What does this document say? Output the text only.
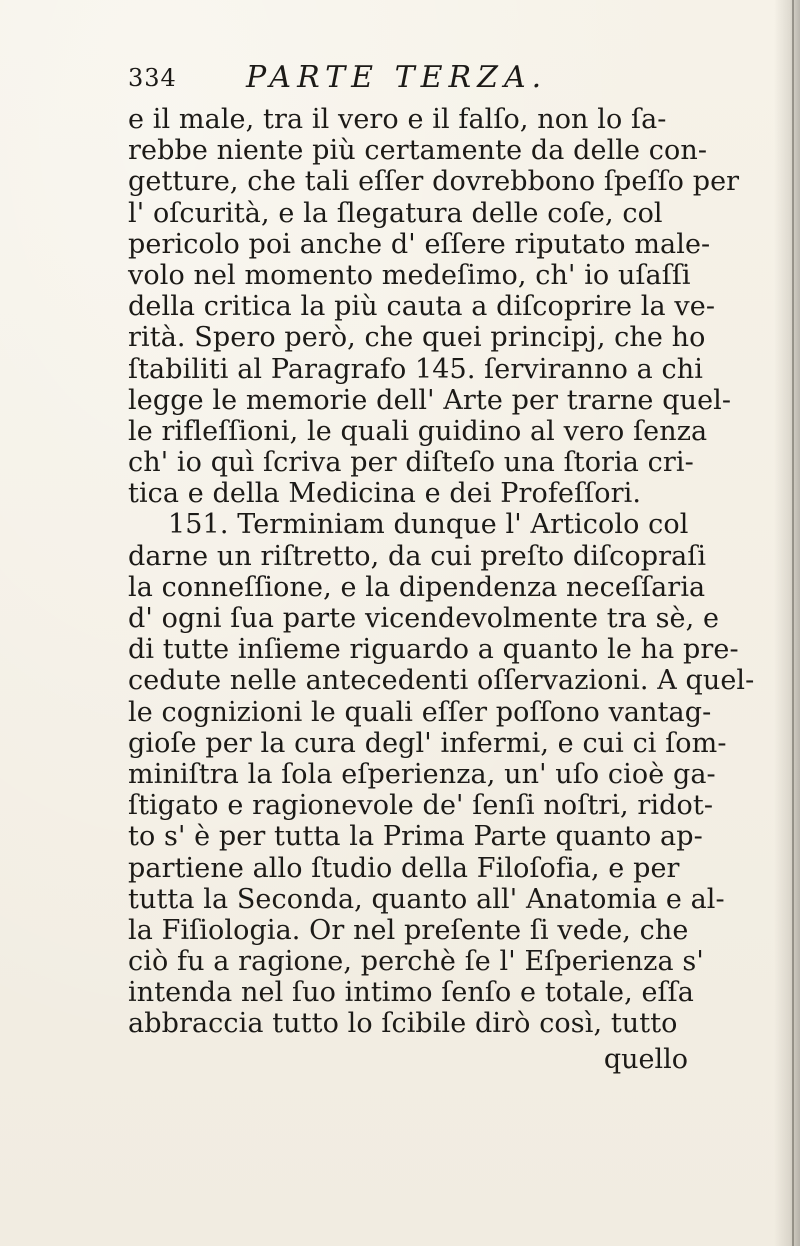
334 PARTE TERZA.
e il male, tra il vero e il falſo, non lo ſa-
rebbe niente più certamente da delle con-
getture, che tali eſſer dovrebbono ſpeſſo per
l' oſcurità, e la ſlegatura delle coſe, col
pericolo poi anche d' eſſere riputato male-
volo nel momento medeſimo, ch' io uſaſſi
della critica la più cauta a diſcoprire la ve-
rità. Spero però, che quei principj, che ho
ſtabiliti al Paragrafo 145. ſerviranno a chi
legge le memorie dell' Arte per trarne quel-
le rifleſſioni, le quali guidino al vero ſenza
ch' io quì ſcriva per diſteſo una ſtoria cri-
tica e della Medicina e dei Profeſſori.
151. Terminiam dunque l' Articolo col
darne un riſtretto, da cui preſto diſcopraſi
la conneſſione, e la dipendenza neceſſaria
d' ogni ſua parte vicendevolmente tra sè, e
di tutte inſieme riguardo a quanto le ha pre-
cedute nelle antecedenti oſſervazioni. A quel-
le cognizioni le quali eſſer poſſono vantag-
gioſe per la cura degl' infermi, e cui ci ſom-
miniſtra la ſola eſperienza, un' uſo cioè ga-
ſtigato e ragionevole de' ſenſi noſtri, ridot-
to s' è per tutta la Prima Parte quanto ap-
partiene allo ſtudio della Filoſofia, e per
tutta la Seconda, quanto all' Anatomia e al-
la Fiſiologia. Or nel preſente ſi vede, che
ciò fu a ragione, perchè ſe l' Eſperienza s'
intenda nel ſuo intimo ſenſo e totale, eſſa
abbraccia tutto lo ſcibile dirò così, tutto
quello
